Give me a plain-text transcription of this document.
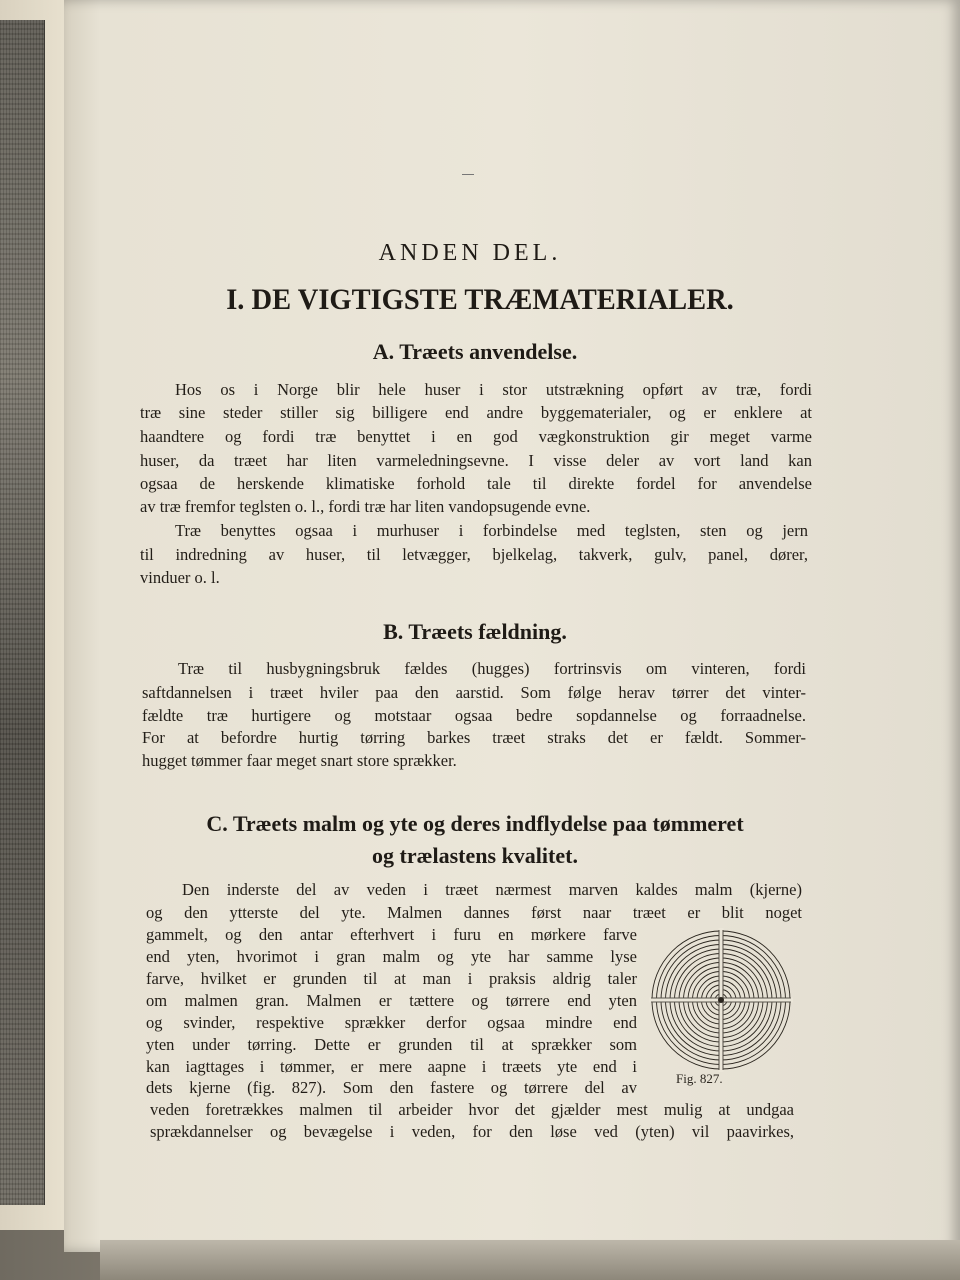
ANDEN DEL.
I. DE VIGTIGSTE TRÆMATERIALER.
A. Træets anvendelse.
Hos os i Norge blir hele huser i stor utstrækning opført av træ, fordi
træ sine steder stiller sig billigere end andre byggematerialer, og er enklere at
haandtere og fordi træ benyttet i en god vægkonstruktion gir meget varme
huser, da træet har liten varmeledningsevne. I visse deler av vort land kan
ogsaa de herskende klimatiske forhold tale til direkte fordel for anvendelse
av træ fremfor teglsten o. l., fordi træ har liten vandopsugende evne.
Træ benyttes ogsaa i murhuser i forbindelse med teglsten, sten og jern
til indredning av huser, til letvægger, bjelkelag, takverk, gulv, panel, dører,
vinduer o. l.
B. Træets fældning.
Træ til husbygningsbruk fældes (hugges) fortrinsvis om vinteren, fordi
saftdannelsen i træet hviler paa den aarstid. Som følge herav tørrer det vinter-
fældte træ hurtigere og motstaar ogsaa bedre sopdannelse og forraadnelse.
For at befordre hurtig tørring barkes træet straks det er fældt. Sommer-
hugget tømmer faar meget snart store sprækker.
C. Træets malm og yte og deres indflydelse paa tømmeret
og trælastens kvalitet.
Den inderste del av veden i træet nærmest marven kaldes malm (kjerne)
og den ytterste del yte. Malmen dannes først naar træet er blit noget
gammelt, og den antar efterhvert i furu en mørkere farve
end yten, hvorimot i gran malm og yte har samme lyse
farve, hvilket er grunden til at man i praksis aldrig taler
om malmen gran. Malmen er tættere og tørrere end yten
og svinder, respektive sprækker derfor ogsaa mindre end
yten under tørring. Dette er grunden til at sprækker som
kan iagttages i tømmer, er mere aapne i træets yte end i
dets kjerne (fig. 827). Som den fastere og tørrere del av
veden foretrækkes malmen til arbeider hvor det gjælder mest mulig at undgaa
sprækdannelser og bevægelse i veden, for den løse ved (yten) vil paavirkes,
Fig. 827.
